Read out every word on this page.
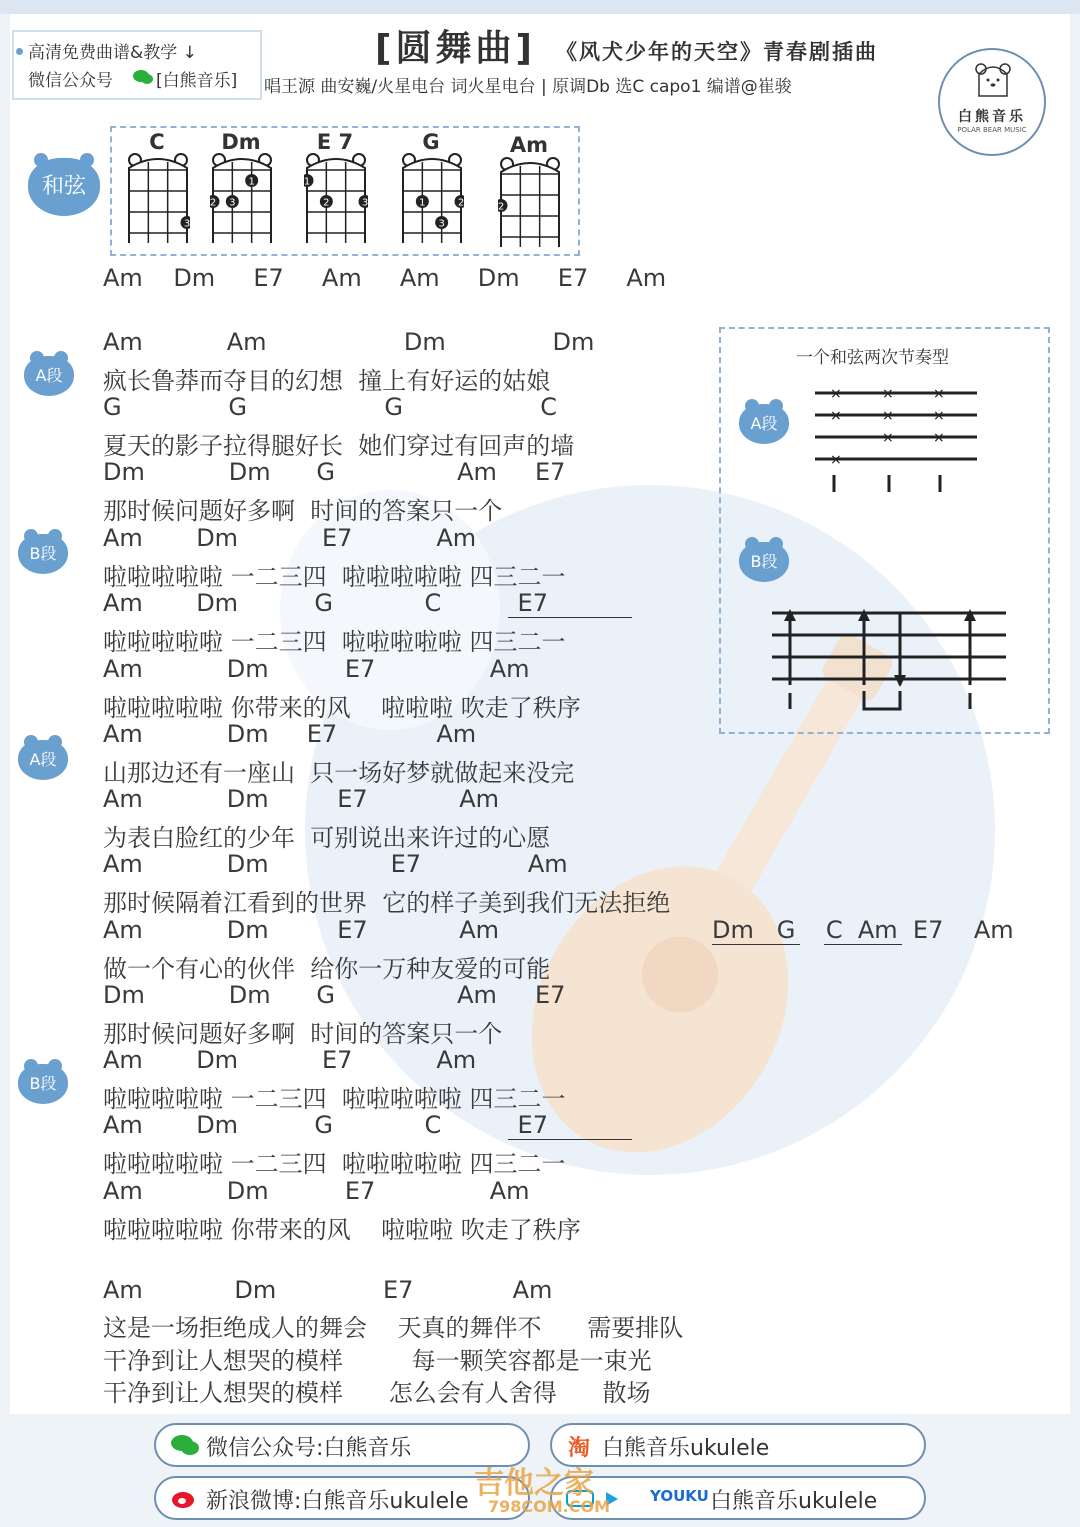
高清免费曲谱&教学 ↓
微信公众号	[白熊音乐]
[圆舞曲] 《风犬少年的天空》青春剧插曲
唱王源 曲安巍/火星电台 词火星电台 | 原调Db 选C capo1 编谱@崔骏
白熊音乐
POLAR BEAR MUSIC
和弦
C
3
Dm
2 3
1
E 7
1
2	3
G
1
3
2
Am
2
Am    Dm     E7     Am     Am     Dm     E7     Am
A段
B段
A段
B段
Am           Am                  Dm              Dm
疯长鲁莽而夺目的幻想  撞上有好运的姑娘
G              G                  G                  C
夏天的影子拉得腿好长  她们穿过有回声的墙
Dm           Dm      G                Am     E7
那时候问题好多啊  时间的答案只一个
Am       Dm           E7           Am
啦啦啦啦啦 一二三四  啦啦啦啦啦 四三二一
Am       Dm          G            C          E7
啦啦啦啦啦 一二三四  啦啦啦啦啦 四三二一
Am           Dm          E7               Am
啦啦啦啦啦 你带来的风    啦啦啦 吹走了秩序
Am           Dm     E7             Am
山那边还有一座山  只一场好梦就做起来没完
Am           Dm         E7            Am
为表白脸红的少年  可别说出来许过的心愿
Am           Dm                E7              Am
那时候隔着江看到的世界  它的样子美到我们无法拒绝
Am           Dm         E7            Am
做一个有心的伙伴  给你一万种友爱的可能
Dm           Dm      G                Am     E7
那时候问题好多啊  时间的答案只一个
Am       Dm           E7           Am
啦啦啦啦啦 一二三四  啦啦啦啦啦 四三二一
Am       Dm          G            C          E7
啦啦啦啦啦 一二三四  啦啦啦啦啦 四三二一
Am           Dm          E7               Am
啦啦啦啦啦 你带来的风    啦啦啦 吹走了秩序
Dm   G    C  Am  E7    Am
Am            Dm              E7             Am
这是一场拒绝成人的舞会    天真的舞伴不      需要排队
干净到让人想哭的模样         每一颗笑容都是一束光
干净到让人想哭的模样      怎么会有人舍得      散场
一个和弦两次节奏型
A段
B段
×
×
×
×
×
×
×
×
×
微信公众号:白熊音乐	淘 白熊音乐ukulele
新浪微博:白熊音乐ukulele	YOUKU 白熊音乐ukulele
吉他之家
798COM.COM
